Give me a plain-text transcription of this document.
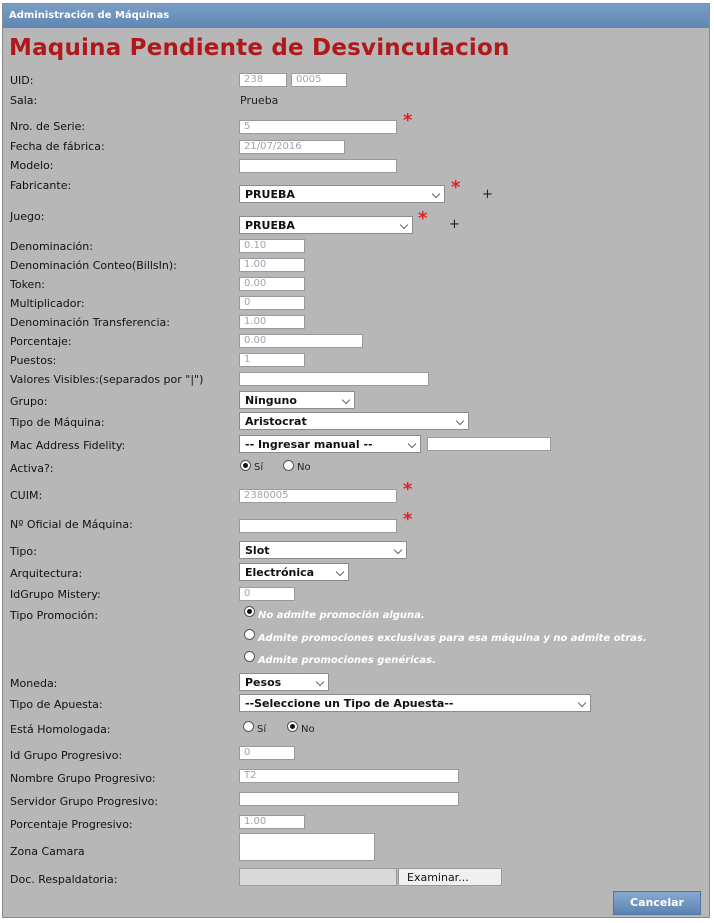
Administración de Máquinas
Maquina Pendiente de Desvinculacion
UID:	238	0005
Sala:	Prueba
Nro. de Serie:	5	*
Fecha de fábrica:	21/07/2016
Modelo:
Fabricante:
PRUEBA	* +
Juego:
PRUEBA	* +
Denominación:	0.10
Denominación Conteo(BillsIn):	1.00
Token:	0.00
Multiplicador:	0
Denominación Transferencia:	1.00
Porcentaje:	0.00
Puestos:	1
Valores Visibles:(separados por "|")
Grupo:	Ninguno
Tipo de Máquina:	Aristocrat
Mac Address Fidelity:	-- Ingresar manual --
Activa?:	Sí	No
CUIM:	2380005	*
Nº Oficial de Máquina:	*
Tipo:	Slot
Arquitectura:	Electrónica
IdGrupo Mistery:	0
Tipo Promoción:	No admite promoción alguna.
Admite promociones exclusivas para esa máquina y no admite otras.
Admite promociones genéricas.
Moneda:	Pesos
Tipo de Apuesta:	--Seleccione un Tipo de Apuesta--
Está Homologada:	Sí	No
Id Grupo Progresivo:	0
Nombre Grupo Progresivo:	T2
Servidor Grupo Progresivo:
Porcentaje Progresivo:	1.00
Zona Camara
Doc. Respaldatoria:	Examinar...
Cancelar
